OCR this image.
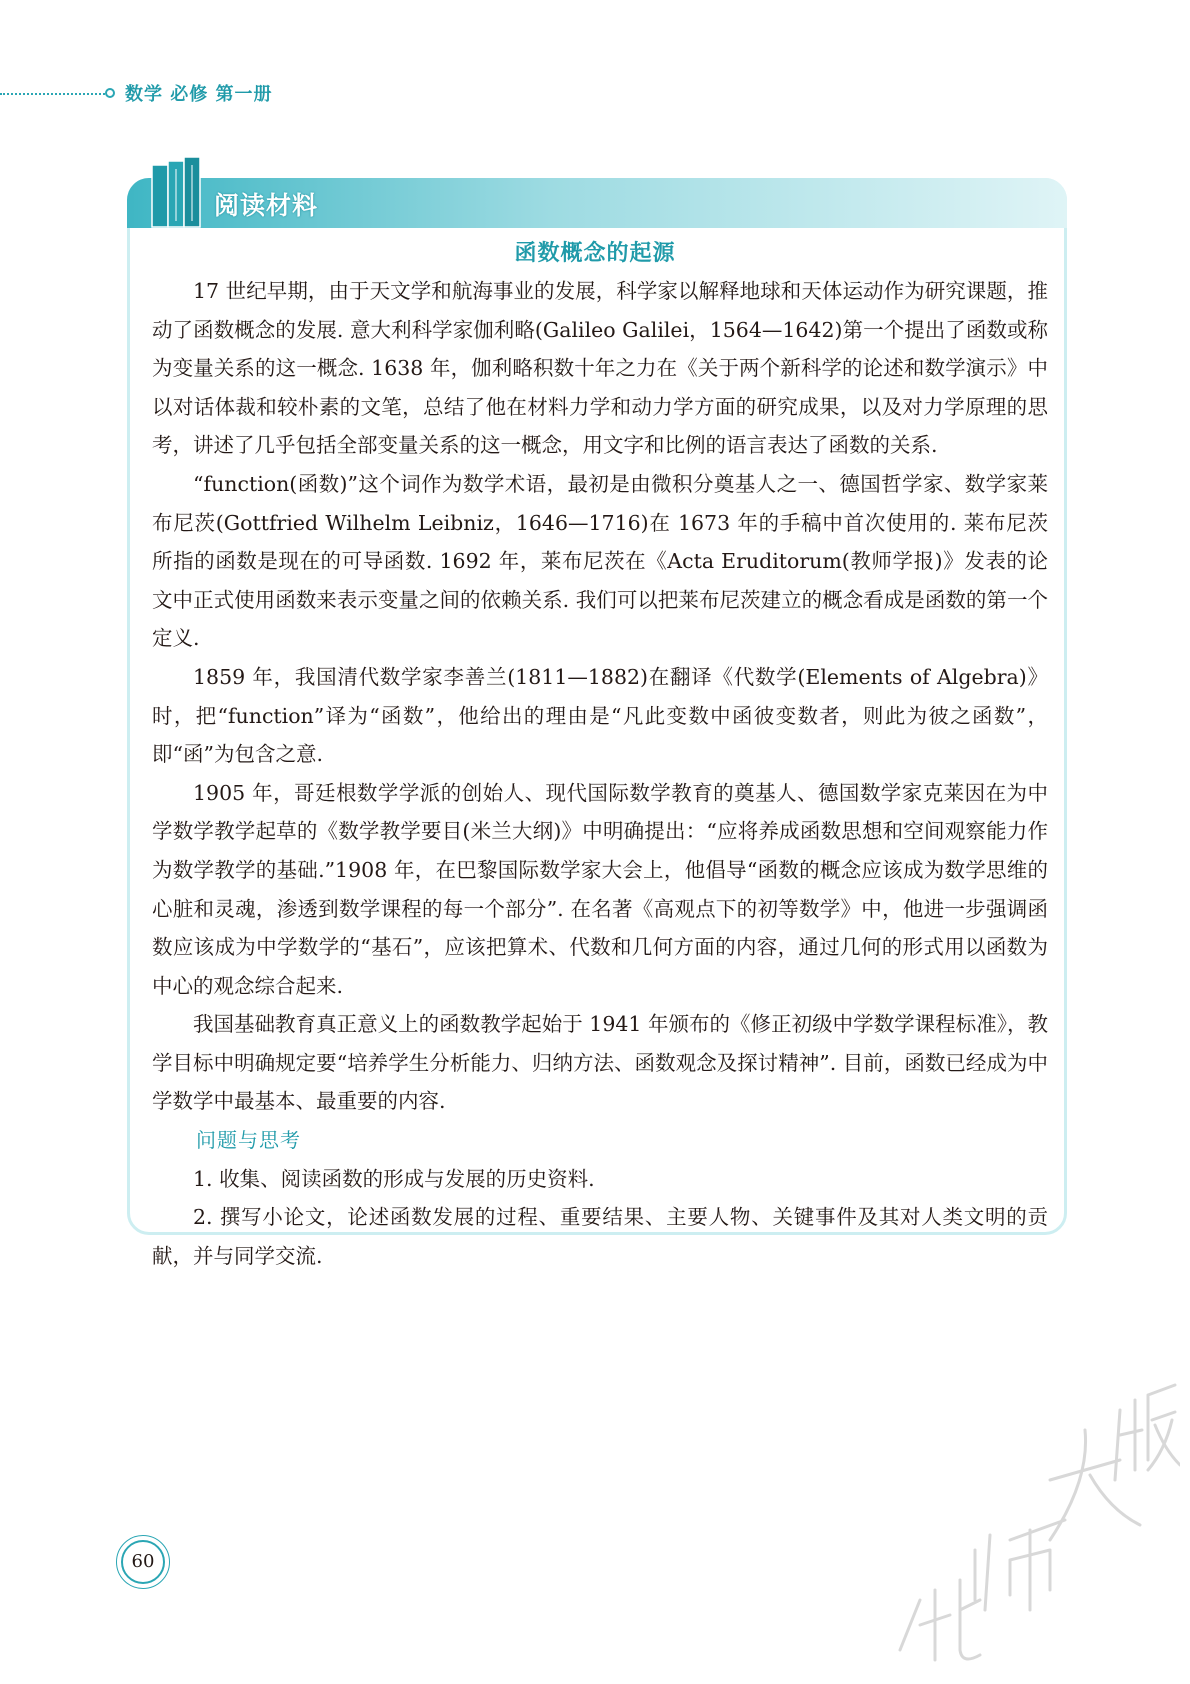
数学 必修 第一册
阅读材料
函数概念的起源

17 世纪早期，由于天文学和航海事业的发展，科学家以解释地球和天体运动作为研究课题，推动了函数概念的发展. 意大利科学家伽利略(Galileo Galilei，1564—1642)第一个提出了函数或称为变量关系的这一概念. 1638 年，伽利略积数十年之力在《关于两个新科学的论述和数学演示》中以对话体裁和较朴素的文笔，总结了他在材料力学和动力学方面的研究成果，以及对力学原理的思考，讲述了几乎包括全部变量关系的这一概念，用文字和比例的语言表达了函数的关系.

“function(函数)”这个词作为数学术语，最初是由微积分奠基人之一、德国哲学家、数学家莱布尼茨(Gottfried Wilhelm Leibniz，1646—1716)在 1673 年的手稿中首次使用的. 莱布尼茨所指的函数是现在的可导函数. 1692 年，莱布尼茨在《Acta Eruditorum(教师学报)》发表的论文中正式使用函数来表示变量之间的依赖关系. 我们可以把莱布尼茨建立的概念看成是函数的第一个定义.

1859 年，我国清代数学家李善兰(1811—1882)在翻译《代数学(Elements of Algebra)》时，把“function”译为“函数”，他给出的理由是“凡此变数中函彼变数者，则此为彼之函数”，即“函”为包含之意.

1905 年，哥廷根数学学派的创始人、现代国际数学教育的奠基人、德国数学家克莱因在为中学数学教学起草的《数学教学要目(米兰大纲)》中明确提出：“应将养成函数思想和空间观察能力作为数学教学的基础.”1908 年，在巴黎国际数学家大会上，他倡导“函数的概念应该成为数学思维的心脏和灵魂，渗透到数学课程的每一个部分”. 在名著《高观点下的初等数学》中，他进一步强调函数应该成为中学数学的“基石”，应该把算术、代数和几何方面的内容，通过几何的形式用以函数为中心的观念综合起来.

我国基础教育真正意义上的函数教学起始于 1941 年颁布的《修正初级中学数学课程标准》，教学目标中明确规定要“培养学生分析能力、归纳方法、函数观念及探讨精神”. 目前，函数已经成为中学数学中最基本、最重要的内容.

问题与思考

1. 收集、阅读函数的形成与发展的历史资料.

2. 撰写小论文，论述函数发展的过程、重要结果、主要人物、关键事件及其对人类文明的贡献，并与同学交流.

60
